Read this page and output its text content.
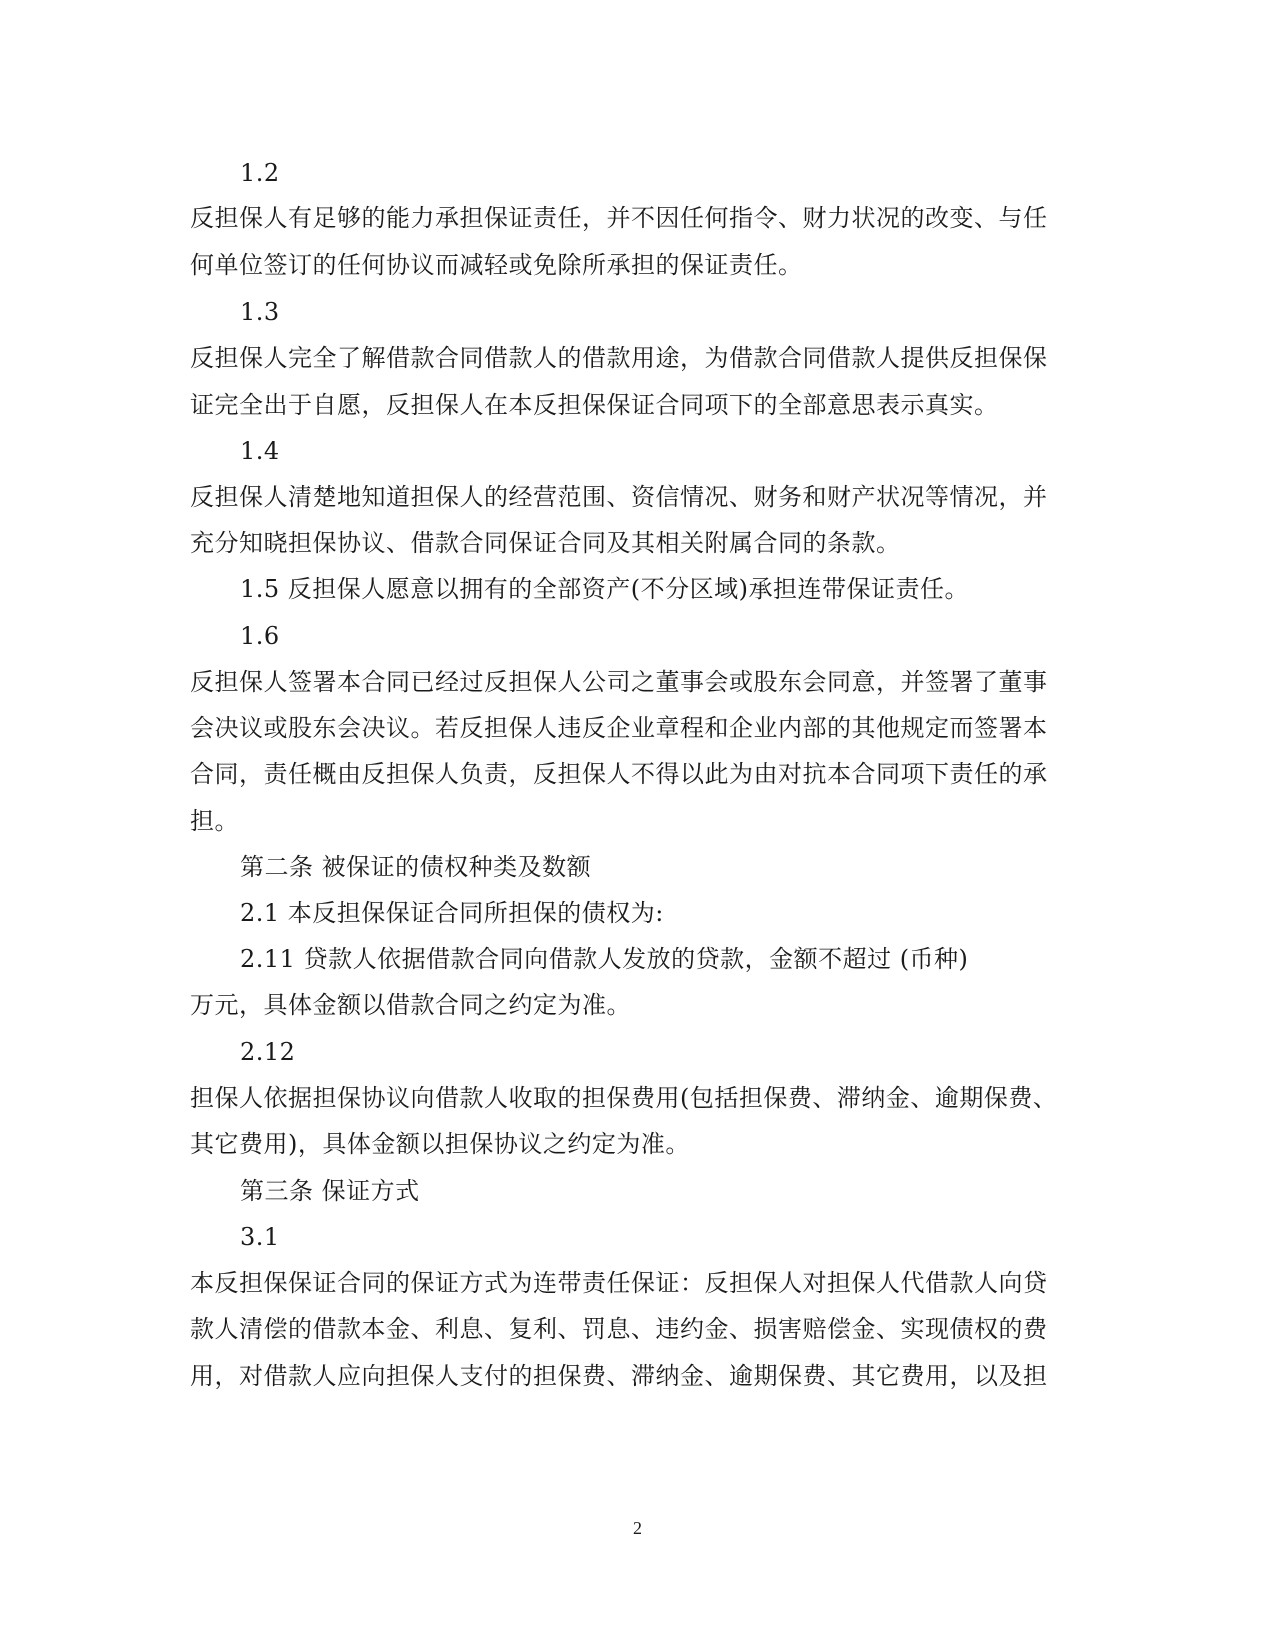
1.2
反担保人有足够的能力承担保证责任，并不因任何指令、财力状况的改变、与任
何单位签订的任何协议而减轻或免除所承担的保证责任。
1.3
反担保人完全了解借款合同借款人的借款用途，为借款合同借款人提供反担保保
证完全出于自愿，反担保人在本反担保保证合同项下的全部意思表示真实。
1.4
反担保人清楚地知道担保人的经营范围、资信情况、财务和财产状况等情况，并
充分知晓担保协议、借款合同保证合同及其相关附属合同的条款。
1.5 反担保人愿意以拥有的全部资产(不分区域)承担连带保证责任。
1.6
反担保人签署本合同已经过反担保人公司之董事会或股东会同意，并签署了董事
会决议或股东会决议。若反担保人违反企业章程和企业内部的其他规定而签署本
合同，责任概由反担保人负责，反担保人不得以此为由对抗本合同项下责任的承
担。
第二条 被保证的债权种类及数额
2.1 本反担保保证合同所担保的债权为:
2.11 贷款人依据借款合同向借款人发放的贷款，金额不超过 (币种)
万元，具体金额以借款合同之约定为准。
2.12
担保人依据担保协议向借款人收取的担保费用(包括担保费、滞纳金、逾期保费、
其它费用)，具体金额以担保协议之约定为准。
第三条 保证方式
3.1
本反担保保证合同的保证方式为连带责任保证：反担保人对担保人代借款人向贷
款人清偿的借款本金、利息、复利、罚息、违约金、损害赔偿金、实现债权的费
用，对借款人应向担保人支付的担保费、滞纳金、逾期保费、其它费用，以及担
2
